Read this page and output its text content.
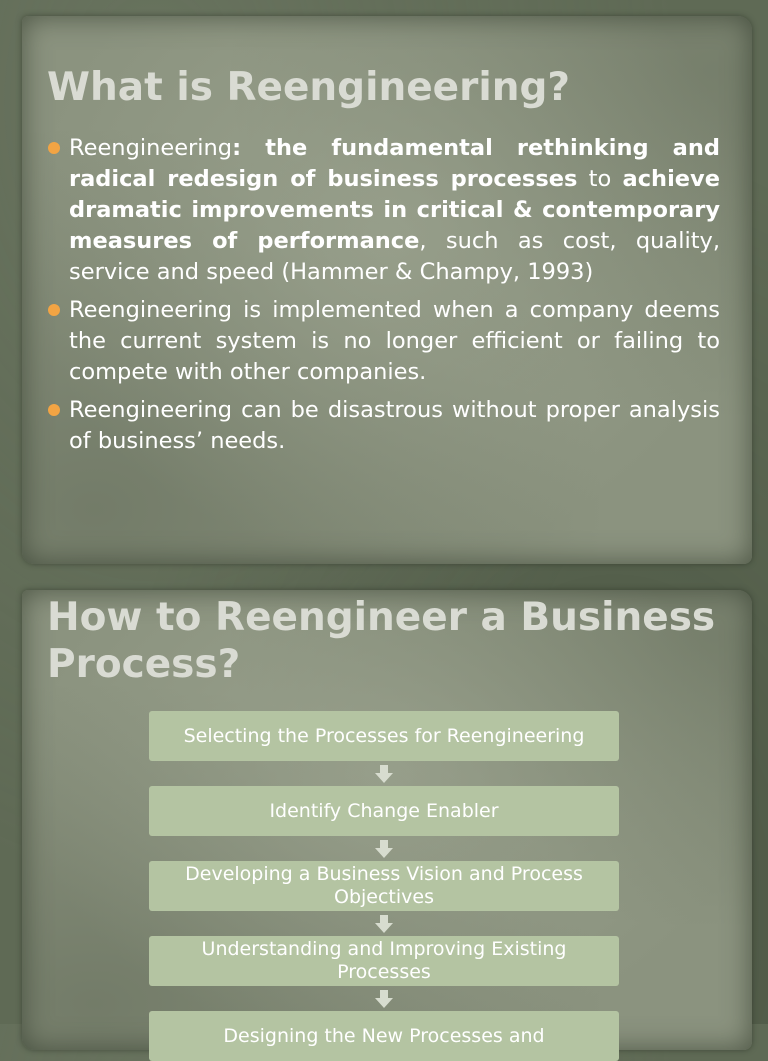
What is Reengineering?
Reengineering: the fundamental rethinking and radical redesign of business processes to achieve dramatic improvements in critical & contemporary measures of performance, such as cost, quality, service and speed (Hammer & Champy, 1993)
Reengineering is implemented when a company deems the current system is no longer efficient or failing to compete with other companies.
Reengineering can be disastrous without proper analysis of business’ needs.
How to Reengineer a Business Process?
Selecting the Processes for Reengineering
Identify Change Enabler
Developing a Business Vision and Process Objectives
Understanding and Improving Existing Processes
Designing the New Processes and
